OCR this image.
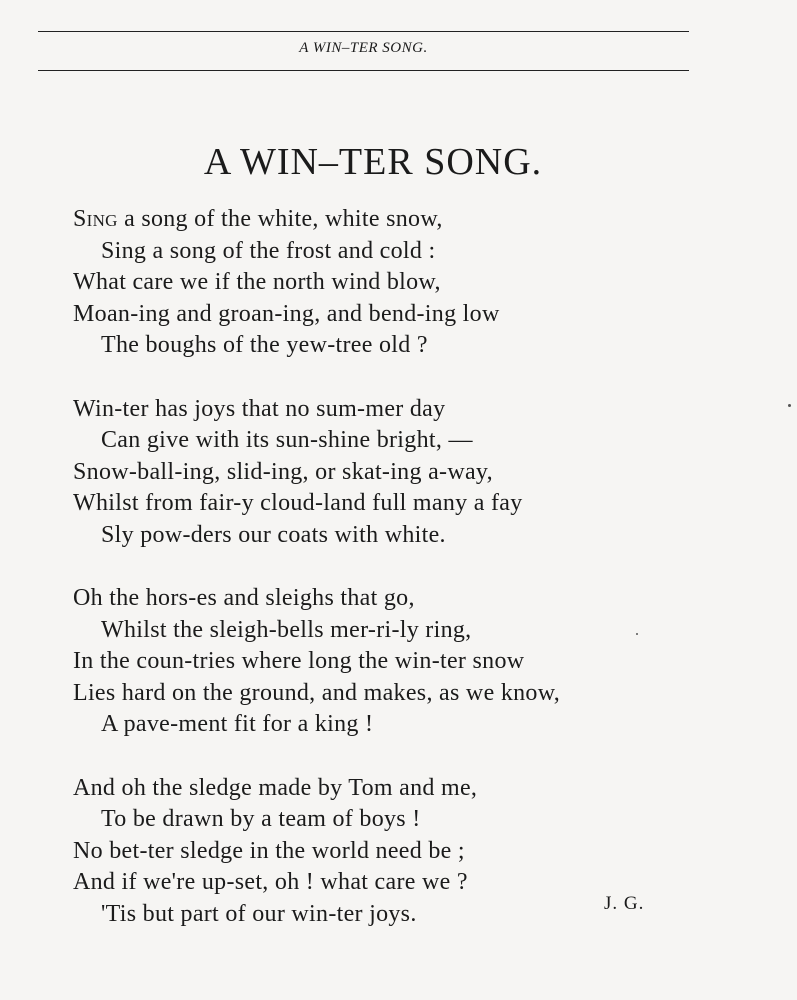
A WIN–TER SONG.
A WIN–TER SONG.
Sing a song of the white, white snow,
Sing a song of the frost and cold :
What care we if the north wind blow,
Moan-ing and groan-ing, and bend-ing low
The boughs of the yew-tree old ?
Win-ter has joys that no sum-mer day
Can give with its sun-shine bright, —
Snow-ball-ing, slid-ing, or skat-ing a-way,
Whilst from fair-y cloud-land full many a fay
Sly pow-ders our coats with white.
Oh the hors-es and sleighs that go,
Whilst the sleigh-bells mer-ri-ly ring,
In the coun-tries where long the win-ter snow
Lies hard on the ground, and makes, as we know,
A pave-ment fit for a king !
And oh the sledge made by Tom and me,
To be drawn by a team of boys !
No bet-ter sledge in the world need be ;
And if we're up-set, oh ! what care we ?
'Tis but part of our win-ter joys.	J. G.
